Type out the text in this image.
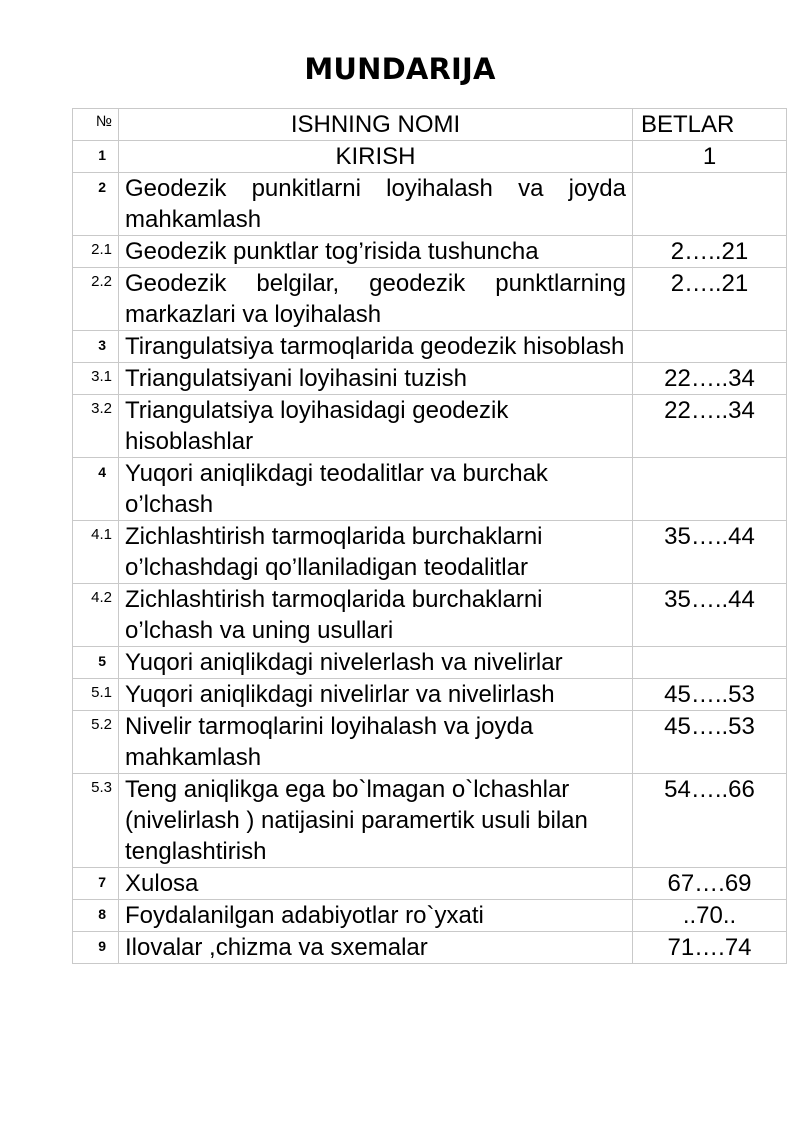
MUNDARIJA
№	ISHNING NOMI	BETLAR
1	KIRISH	1
2	Geodezik punkitlarni loyihalash va joyda mahkamlash	
2.1	Geodezik punktlar tog’risida tushuncha	2…..21
2.2	Geodezik belgilar, geodezik punktlarning markazlari va loyihalash	2…..21
3	Tirangulatsiya tarmoqlarida geodezik hisoblash	
3.1	Triangulatsiyani loyihasini tuzish	22…..34
3.2	Triangulatsiya loyihasidagi geodezik hisoblashlar	22…..34
4	Yuqori aniqlikdagi teodalitlar va burchak o’lchash	
4.1	Zichlashtirish tarmoqlarida burchaklarni o’lchashdagi qo’llaniladigan teodalitlar	35…..44
4.2	Zichlashtirish tarmoqlarida burchaklarni o’lchash va uning usullari	35…..44
5	Yuqori aniqlikdagi nivelerlash va nivelirlar	
5.1	Yuqori aniqlikdagi nivelirlar va nivelirlash	45…..53
5.2	Nivelir tarmoqlarini loyihalash va joyda mahkamlash	45…..53
5.3	Teng aniqlikga ega bo`lmagan o`lchashlar (nivelirlash ) natijasini paramertik usuli bilan tenglashtirish	54…..66
7	Xulosa	67….69
8	Foydalanilgan adabiyotlar ro`yxati	..70..
9	Ilovalar ,chizma va sxemalar	71….74
